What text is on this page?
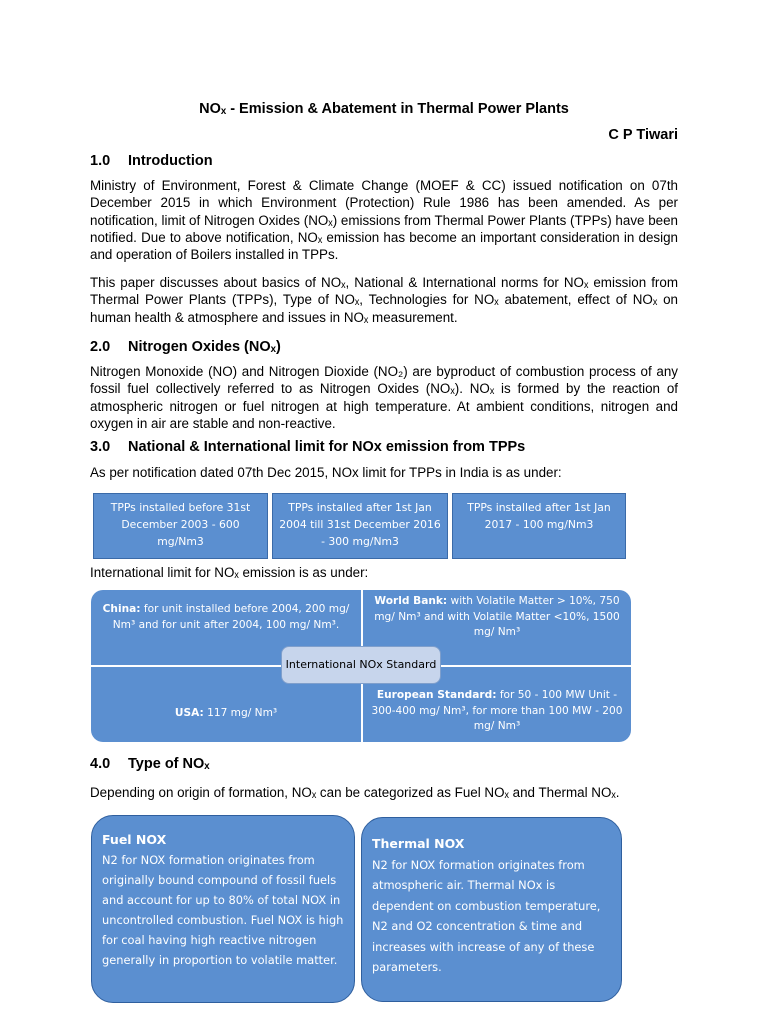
NOₓ - Emission & Abatement in Thermal Power Plants
C P Tiwari
1.0 Introduction
Ministry of Environment, Forest & Climate Change (MOEF & CC) issued notification on 07th December 2015 in which Environment (Protection) Rule 1986 has been amended. As per notification, limit of Nitrogen Oxides (NOₓ) emissions from Thermal Power Plants (TPPs) have been notified. Due to above notification, NOₓ emission has become an important consideration in design and operation of Boilers installed in TPPs.
This paper discusses about basics of NOₓ, National & International norms for NOₓ emission from Thermal Power Plants (TPPs), Type of NOₓ, Technologies for NOₓ abatement, effect of NOₓ on human health & atmosphere and issues in NOₓ measurement.
2.0 Nitrogen Oxides (NOₓ)
Nitrogen Monoxide (NO) and Nitrogen Dioxide (NO₂) are byproduct of combustion process of any fossil fuel collectively referred to as Nitrogen Oxides (NOₓ). NOₓ is formed by the reaction of atmospheric nitrogen or fuel nitrogen at high temperature. At ambient conditions, nitrogen and oxygen in air are stable and non-reactive.
3.0 National & International limit for NOx emission from TPPs
As per notification dated 07th Dec 2015, NOx limit for TPPs in India is as under:
TPPs installed before 31st December 2003 - 600 mg/Nm3
TPPs installed after 1st Jan 2004 till 31st December 2016 - 300 mg/Nm3
TPPs installed after 1st Jan 2017 - 100 mg/Nm3
International limit for NOₓ emission is as under:
China: for unit installed before 2004, 200 mg/ Nm³ and for unit after 2004, 100 mg/ Nm³.
World Bank: with Volatile Matter > 10%, 750 mg/ Nm³ and with Volatile Matter <10%, 1500 mg/ Nm³
USA: 117 mg/ Nm³
European Standard: for 50 - 100 MW Unit - 300-400 mg/ Nm³, for more than 100 MW - 200 mg/ Nm³
International NOx Standard
4.0 Type of NOₓ
Depending on origin of formation, NOₓ can be categorized as Fuel NOₓ and Thermal NOₓ.
Fuel NOX
N2 for NOX formation originates from originally bound compound of fossil fuels and account for up to 80% of total NOX in uncontrolled combustion. Fuel NOX is high for coal having high reactive nitrogen generally in proportion to volatile matter.
Thermal NOX
N2 for NOX formation originates from atmospheric air. Thermal NOx is dependent on combustion temperature, N2 and O2 concentration & time and increases with increase of any of these parameters.
